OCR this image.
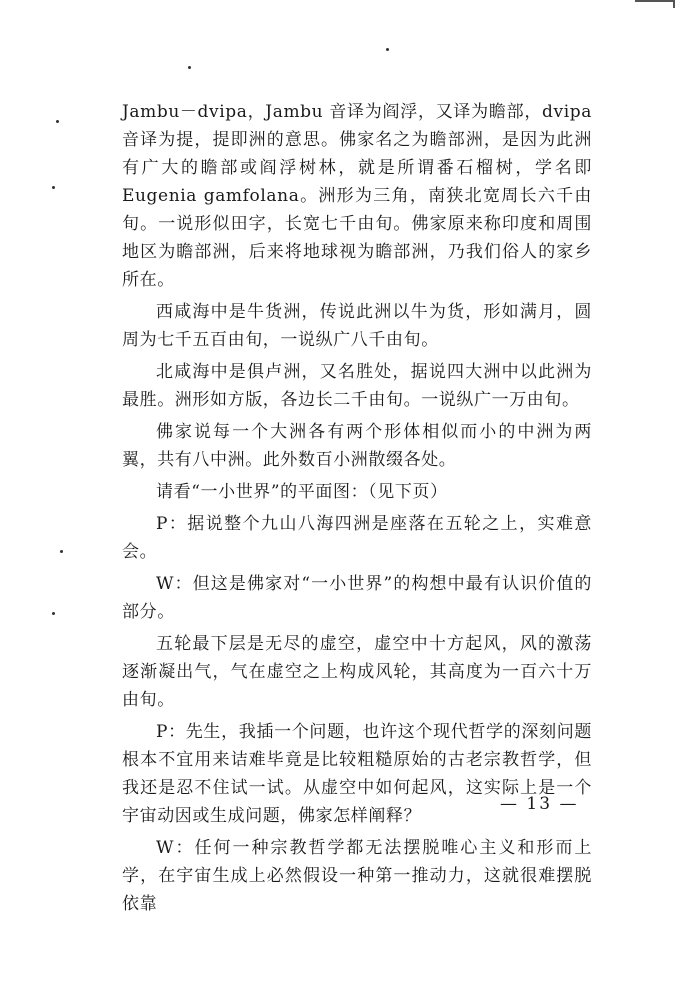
Jambu－dvipa，Jambu 音译为阎浮，又译为瞻部，dvipa 音译为提，提即洲的意思。佛家名之为瞻部洲，是因为此洲有广大的瞻部或阎浮树林，就是所谓番石榴树，学名即 Eugenia gamfolana。洲形为三角，南狭北宽周长六千由旬。一说形似田字，长宽七千由旬。佛家原来称印度和周围地区为瞻部洲，后来将地球视为瞻部洲，乃我们俗人的家乡所在。

西咸海中是牛货洲，传说此洲以牛为货，形如满月，圆周为七千五百由旬，一说纵广八千由旬。

北咸海中是俱卢洲，又名胜处，据说四大洲中以此洲为最胜。洲形如方版，各边长二千由旬。一说纵广一万由旬。

佛家说每一个大洲各有两个形体相似而小的中洲为两翼，共有八中洲。此外数百小洲散缀各处。

请看“一小世界”的平面图：（见下页）

P：据说整个九山八海四洲是座落在五轮之上，实难意会。

W：但这是佛家对“一小世界”的构想中最有认识价值的部分。

五轮最下层是无尽的虚空，虚空中十方起风，风的激荡逐渐凝出气，气在虚空之上构成风轮，其高度为一百六十万由旬。

P：先生，我插一个问题，也许这个现代哲学的深刻问题根本不宜用来诘难毕竟是比较粗糙原始的古老宗教哲学，但我还是忍不住试一试。从虚空中如何起风，这实际上是一个宇宙动因或生成问题，佛家怎样阐释？

W：任何一种宗教哲学都无法摆脱唯心主义和形而上学，在宇宙生成上必然假设一种第一推动力，这就很难摆脱依靠

— 13 —
